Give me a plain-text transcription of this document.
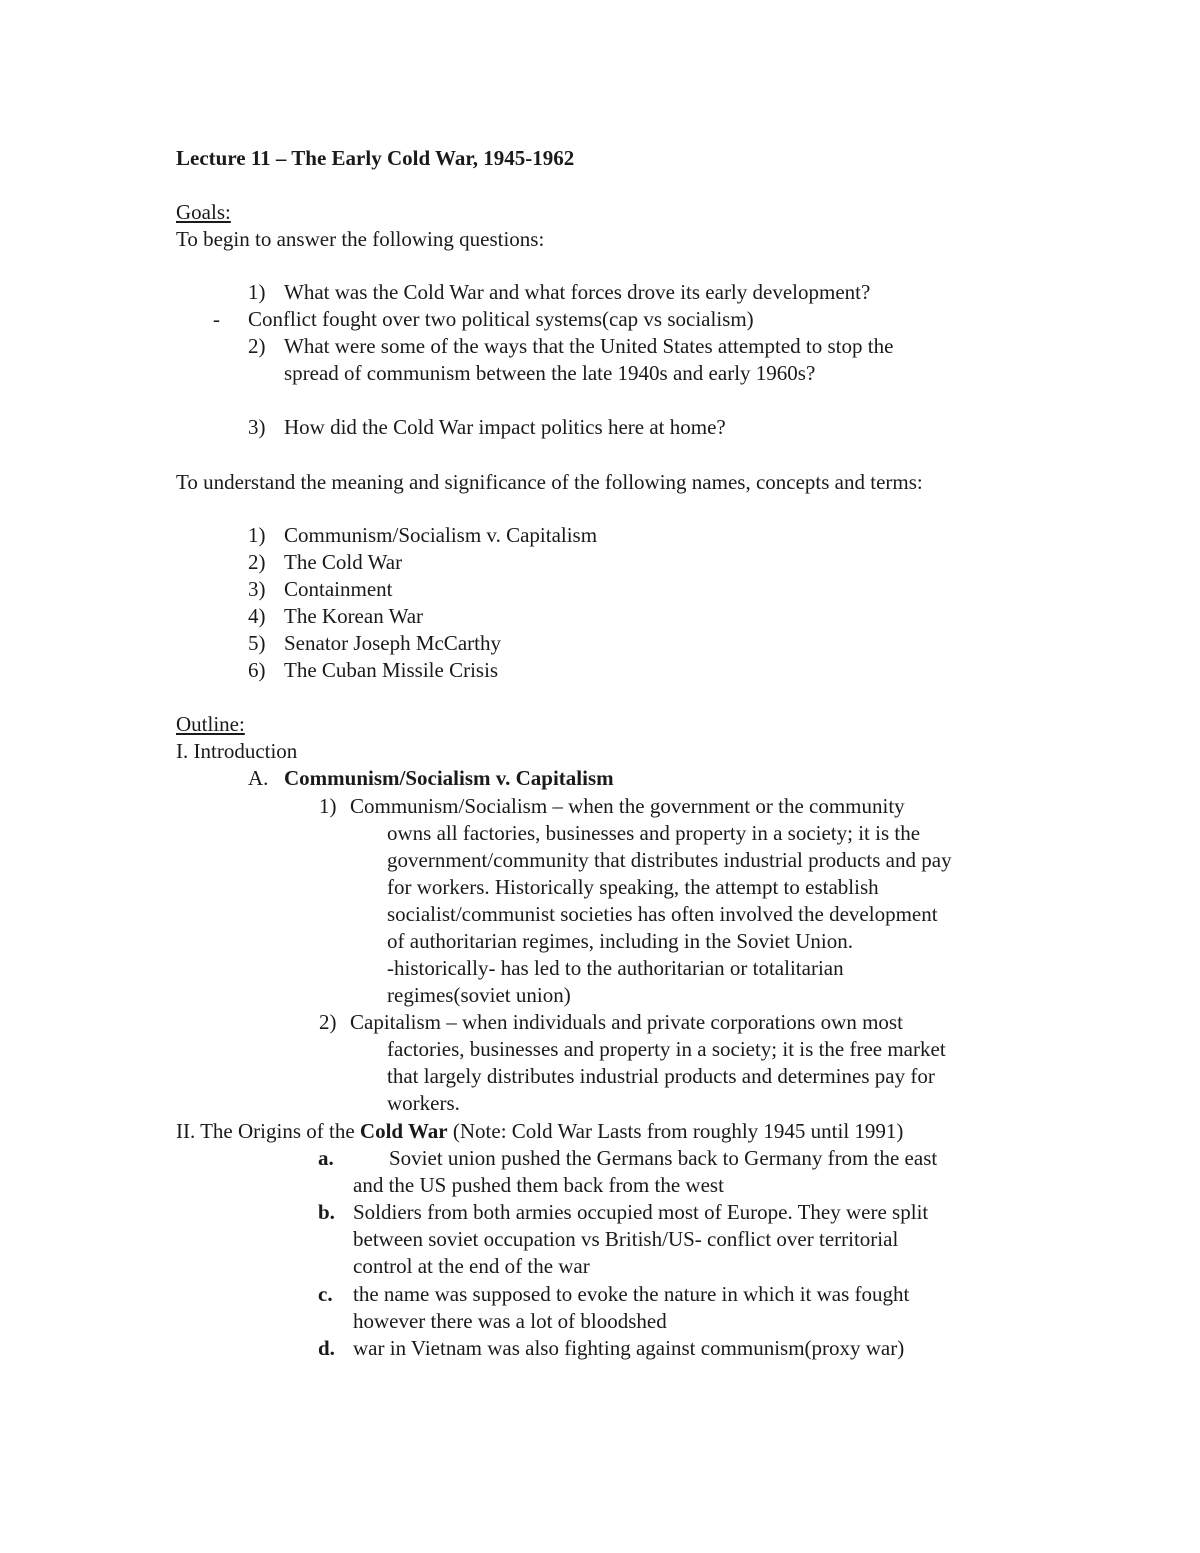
Lecture 11 – The Early Cold War, 1945-1962
Goals:
To begin to answer the following questions:
1) What was the Cold War and what forces drove its early development?
- Conflict fought over two political systems(cap vs socialism)
2) What were some of the ways that the United States attempted to stop the
spread of communism between the late 1940s and early 1960s?
3) How did the Cold War impact politics here at home?
To understand the meaning and significance of the following names, concepts and terms:
1) Communism/Socialism v. Capitalism
2) The Cold War
3) Containment
4) The Korean War
5) Senator Joseph McCarthy
6) The Cuban Missile Crisis
Outline:
I. Introduction
A. Communism/Socialism v. Capitalism
1) Communism/Socialism – when the government or the community
owns all factories, businesses and property in a society; it is the
government/community that distributes industrial products and pay
for workers. Historically speaking, the attempt to establish
socialist/communist societies has often involved the development
of authoritarian regimes, including in the Soviet Union.
-historically- has led to the authoritarian or totalitarian
regimes(soviet union)
2) Capitalism – when individuals and private corporations own most
factories, businesses and property in a society; it is the free market
that largely distributes industrial products and determines pay for
workers.
II. The Origins of the Cold War (Note: Cold War Lasts from roughly 1945 until 1991)
a.	Soviet union pushed the Germans back to Germany from the east
and the US pushed them back from the west
b. Soldiers from both armies occupied most of Europe. They were split
between soviet occupation vs British/US- conflict over territorial
control at the end of the war
c. the name was supposed to evoke the nature in which it was fought
however there was a lot of bloodshed
d. war in Vietnam was also fighting against communism(proxy war)
